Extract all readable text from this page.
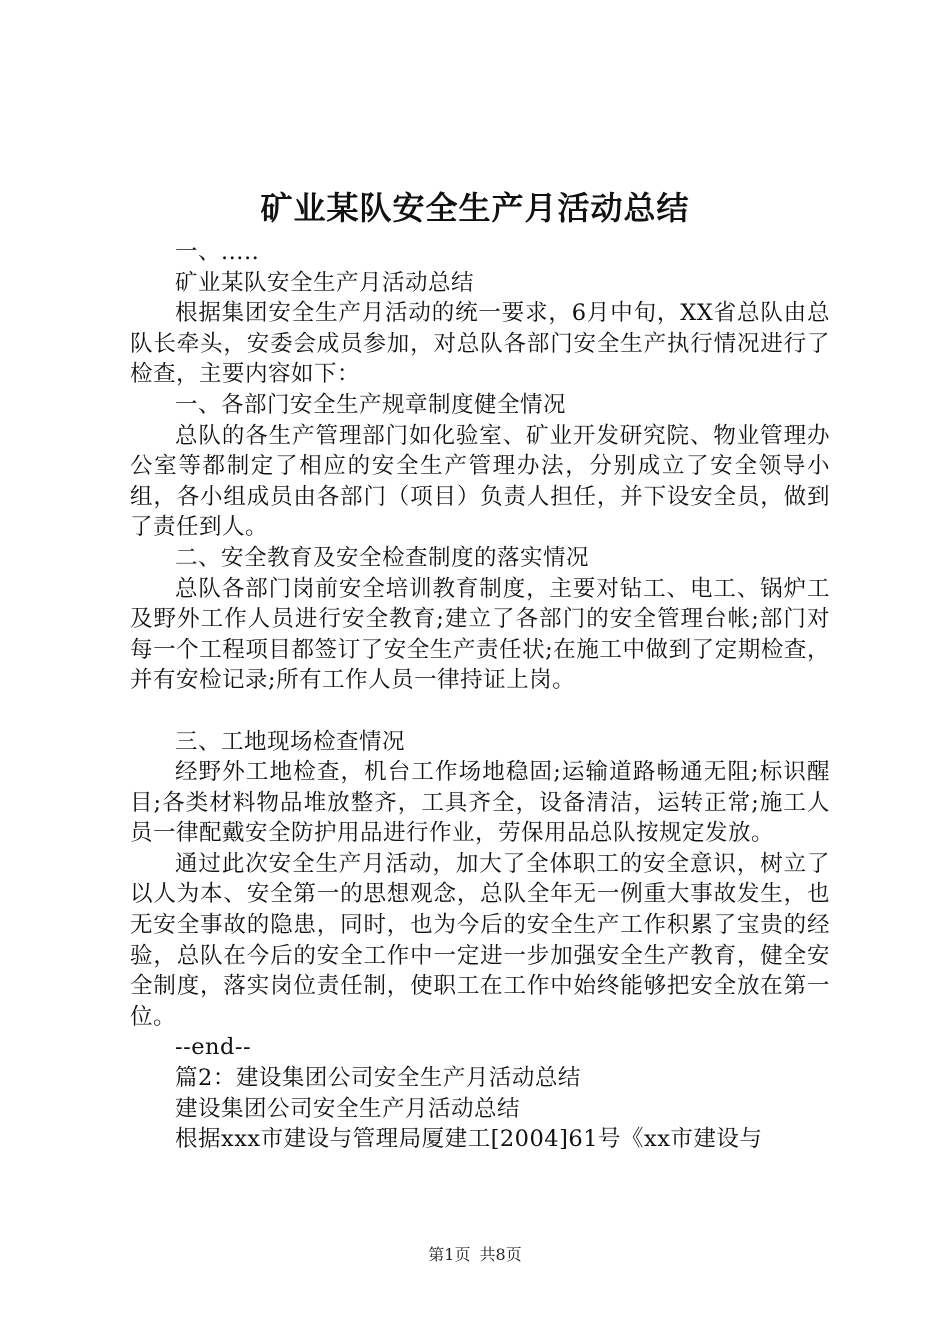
矿业某队安全生产月活动总结

一、.....

矿业某队安全生产月活动总结

根据集团安全生产月活动的统一要求，6月中旬，XX省总队由总队长牵头，安委会成员参加，对总队各部门安全生产执行情况进行了检查，主要内容如下：

一、各部门安全生产规章制度健全情况

总队的各生产管理部门如化验室、矿业开发研究院、物业管理办公室等都制定了相应的安全生产管理办法，分别成立了安全领导小组，各小组成员由各部门（项目）负责人担任，并下设安全员，做到了责任到人。

二、安全教育及安全检查制度的落实情况

总队各部门岗前安全培训教育制度，主要对钻工、电工、锅炉工及野外工作人员进行安全教育;建立了各部门的安全管理台帐;部门对每一个工程项目都签订了安全生产责任状;在施工中做到了定期检查，并有安检记录;所有工作人员一律持证上岗。

三、工地现场检查情况

经野外工地检查，机台工作场地稳固;运输道路畅通无阻;标识醒目;各类材料物品堆放整齐，工具齐全，设备清洁，运转正常;施工人员一律配戴安全防护用品进行作业，劳保用品总队按规定发放。

通过此次安全生产月活动，加大了全体职工的安全意识，树立了以人为本、安全第一的思想观念，总队全年无一例重大事故发生，也无安全事故的隐患，同时，也为今后的安全生产工作积累了宝贵的经验，总队在今后的安全工作中一定进一步加强安全生产教育，健全安全制度，落实岗位责任制，使职工在工作中始终能够把安全放在第一位。

--end--

篇2：建设集团公司安全生产月活动总结

建设集团公司安全生产月活动总结

根据xxx市建设与管理局厦建工[2004]61号《xx市建设与

第1页 共8页
